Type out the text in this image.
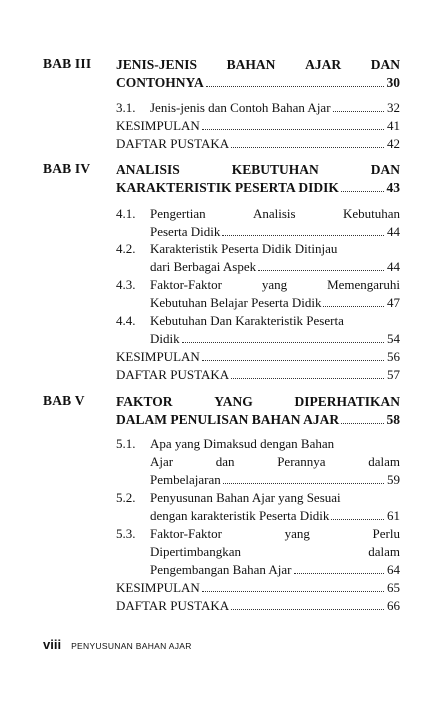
BAB III JENIS-JENIS BAHAN AJAR DAN
CONTOHNYA	30
3.1. Jenis-jenis dan Contoh Bahan Ajar	32
KESIMPULAN	41
DAFTAR PUSTAKA	42
BAB IV ANALISIS	KEBUTUHAN	DAN
KARAKTERISTIK PESERTA DIDIK	43
4.1. Pengertian	Analisis	Kebutuhan
Peserta Didik	44
4.2. Karakteristik Peserta Didik Ditinjau
dari Berbagai Aspek	44
4.3. Faktor-Faktor	yang	Memengaruhi
Kebutuhan Belajar Peserta Didik	47
4.4. Kebutuhan Dan Karakteristik Peserta
Didik	54
KESIMPULAN	56
DAFTAR PUSTAKA	57
BAB V FAKTOR	YANG	DIPERHATIKAN
DALAM PENULISAN BAHAN AJAR	58
5.1. Apa yang Dimaksud dengan Bahan
Ajar	dan	Perannya	dalam
Pembelajaran	59
5.2. Penyusunan Bahan Ajar yang Sesuai
dengan karakteristik Peserta Didik	61
5.3. Faktor-Faktor	yang	Perlu
Dipertimbangkan	dalam
Pengembangan Bahan Ajar	64
KESIMPULAN	65
DAFTAR PUSTAKA	66
viii PENYUSUNAN BAHAN AJAR
